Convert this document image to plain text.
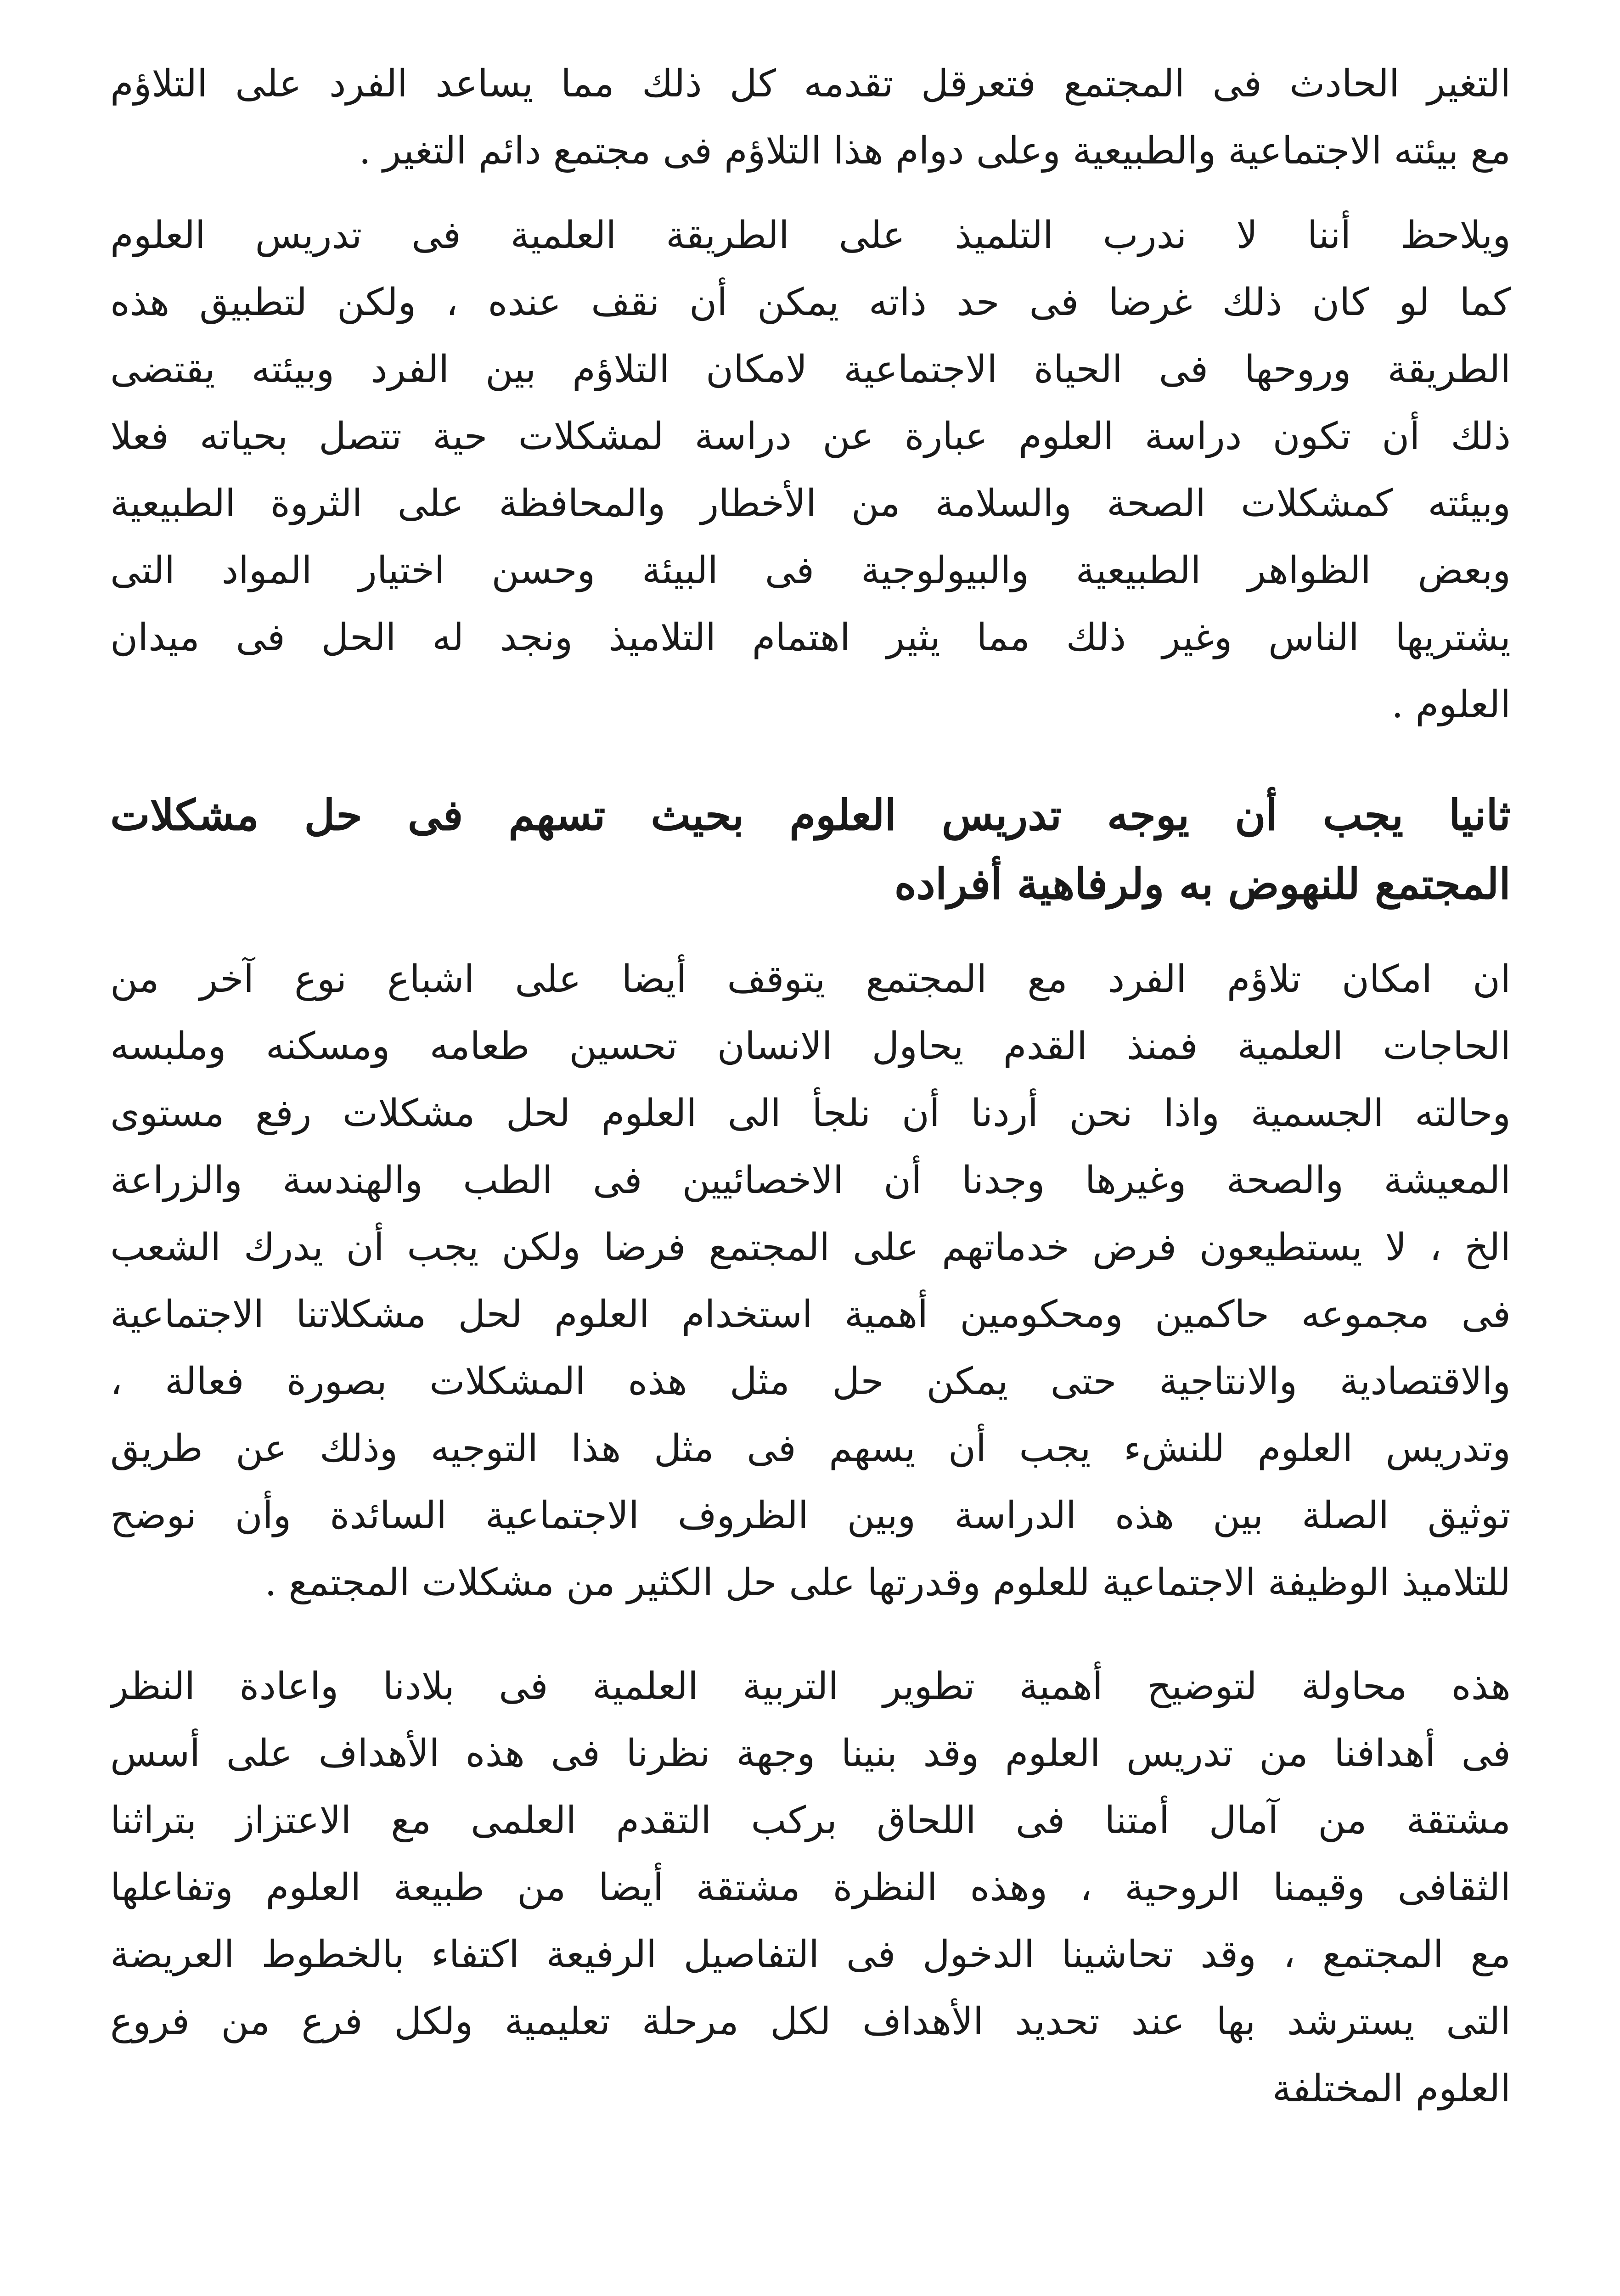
التغير الحادث فى المجتمع فتعرقل تقدمه كل ذلك مما يساعد الفرد على التلاؤم
مع بيئته الاجتماعية والطبيعية وعلى دوام هذا التلاؤم فى مجتمع دائم التغير .
ويلاحظ أننا لا ندرب التلميذ على الطريقة العلمية فى تدريس العلوم
كما لو كان ذلك غرضا فى حد ذاته يمكن أن نقف عنده ، ولكن لتطبيق هذه
الطريقة وروحها فى الحياة الاجتماعية لامكان التلاؤم بين الفرد وبيئته يقتضى
ذلك أن تكون دراسة العلوم عبارة عن دراسة لمشكلات حية تتصل بحياته فعلا
وبيئته كمشكلات الصحة والسلامة من الأخطار والمحافظة على الثروة الطبيعية
وبعض الظواهر الطبيعية والبيولوجية فى البيئة وحسن اختيار المواد التى
يشتريها الناس وغير ذلك مما يثير اهتمام التلاميذ ونجد له الحل فى ميدان
العلوم .
ثانيا يجب أن يوجه تدريس العلوم بحيث تسهم فى حل مشكلات
المجتمع للنهوض به ولرفاهية أفراده
ان امكان تلاؤم الفرد مع المجتمع يتوقف أيضا على اشباع نوع آخر من
الحاجات العلمية فمنذ القدم يحاول الانسان تحسين طعامه ومسكنه وملبسه
وحالته الجسمية واذا نحن أردنا أن نلجأ الى العلوم لحل مشكلات رفع مستوى
المعيشة والصحة وغيرها وجدنا أن الاخصائيين فى الطب والهندسة والزراعة
الخ ، لا يستطيعون فرض خدماتهم على المجتمع فرضا ولكن يجب أن يدرك الشعب
فى مجموعه حاكمين ومحكومين أهمية استخدام العلوم لحل مشكلاتنا الاجتماعية
والاقتصادية والانتاجية حتى يمكن حل مثل هذه المشكلات بصورة فعالة ،
وتدريس العلوم للنشء يجب أن يسهم فى مثل هذا التوجيه وذلك عن طريق
توثيق الصلة بين هذه الدراسة وبين الظروف الاجتماعية السائدة وأن نوضح
للتلاميذ الوظيفة الاجتماعية للعلوم وقدرتها على حل الكثير من مشكلات المجتمع .
هذه محاولة لتوضيح أهمية تطوير التربية العلمية فى بلادنا واعادة النظر
فى أهدافنا من تدريس العلوم وقد بنينا وجهة نظرنا فى هذه الأهداف على أسس
مشتقة من آمال أمتنا فى اللحاق بركب التقدم العلمى مع الاعتزاز بتراثنا
الثقافى وقيمنا الروحية ، وهذه النظرة مشتقة أيضا من طبيعة العلوم وتفاعلها
مع المجتمع ، وقد تحاشينا الدخول فى التفاصيل الرفيعة اكتفاء بالخطوط العريضة
التى يسترشد بها عند تحديد الأهداف لكل مرحلة تعليمية ولكل فرع من فروع
العلوم المختلفة
